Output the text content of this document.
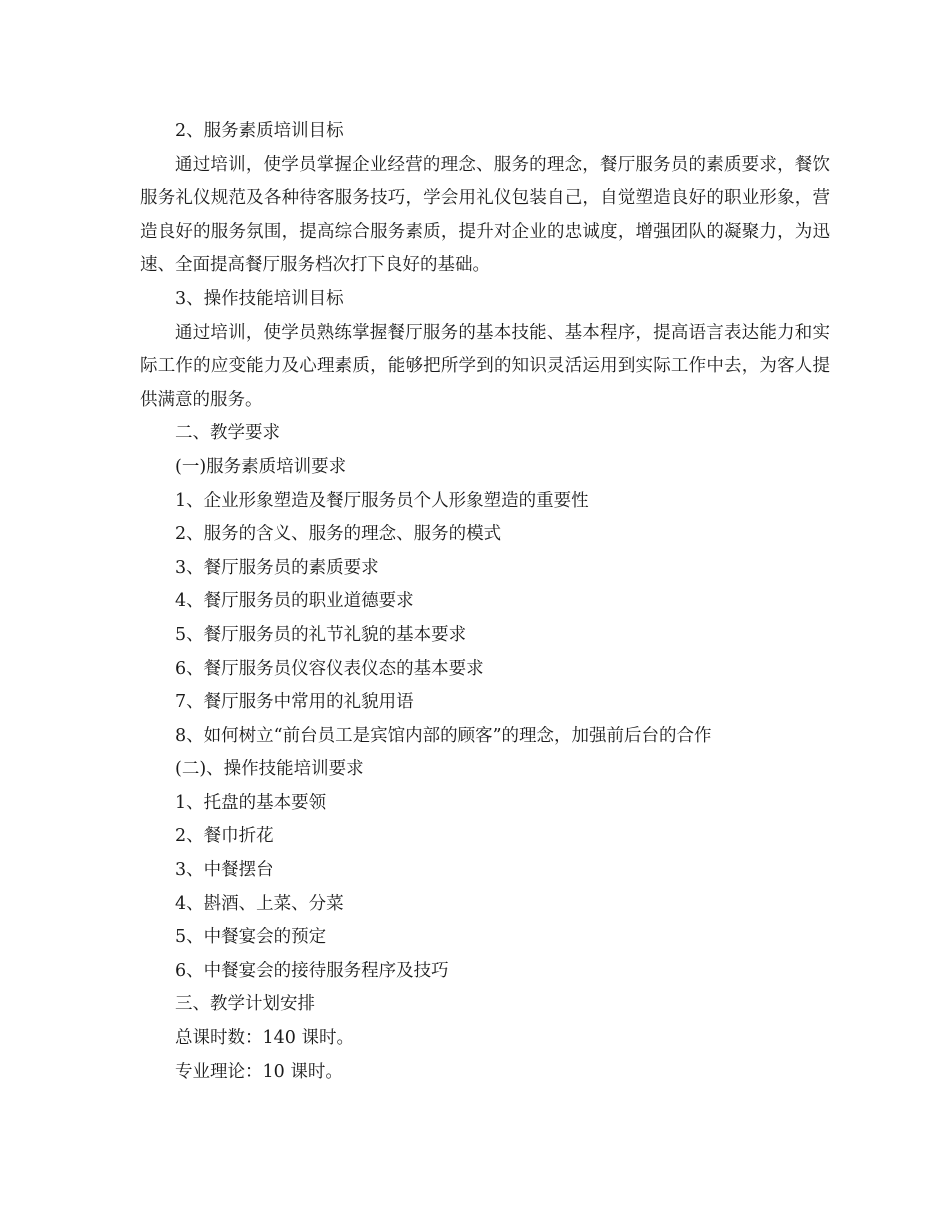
2、服务素质培训目标

通过培训，使学员掌握企业经营的理念、服务的理念，餐厅服务员的素质要求，餐饮服务礼仪规范及各种待客服务技巧，学会用礼仪包装自己，自觉塑造良好的职业形象，营造良好的服务氛围，提高综合服务素质，提升对企业的忠诚度，增强团队的凝聚力，为迅速、全面提高餐厅服务档次打下良好的基础。

3、操作技能培训目标

通过培训，使学员熟练掌握餐厅服务的基本技能、基本程序，提高语言表达能力和实际工作的应变能力及心理素质，能够把所学到的知识灵活运用到实际工作中去，为客人提供满意的服务。

二、教学要求
(一)服务素质培训要求
1、企业形象塑造及餐厅服务员个人形象塑造的重要性
2、服务的含义、服务的理念、服务的模式
3、餐厅服务员的素质要求
4、餐厅服务员的职业道德要求
5、餐厅服务员的礼节礼貌的基本要求
6、餐厅服务员仪容仪表仪态的基本要求
7、餐厅服务中常用的礼貌用语
8、如何树立“前台员工是宾馆内部的顾客”的理念，加强前后台的合作
(二)、操作技能培训要求
1、托盘的基本要领
2、餐巾折花
3、中餐摆台
4、斟酒、上菜、分菜
5、中餐宴会的预定
6、中餐宴会的接待服务程序及技巧
三、教学计划安排
总课时数：140 课时。
专业理论：10 课时。
